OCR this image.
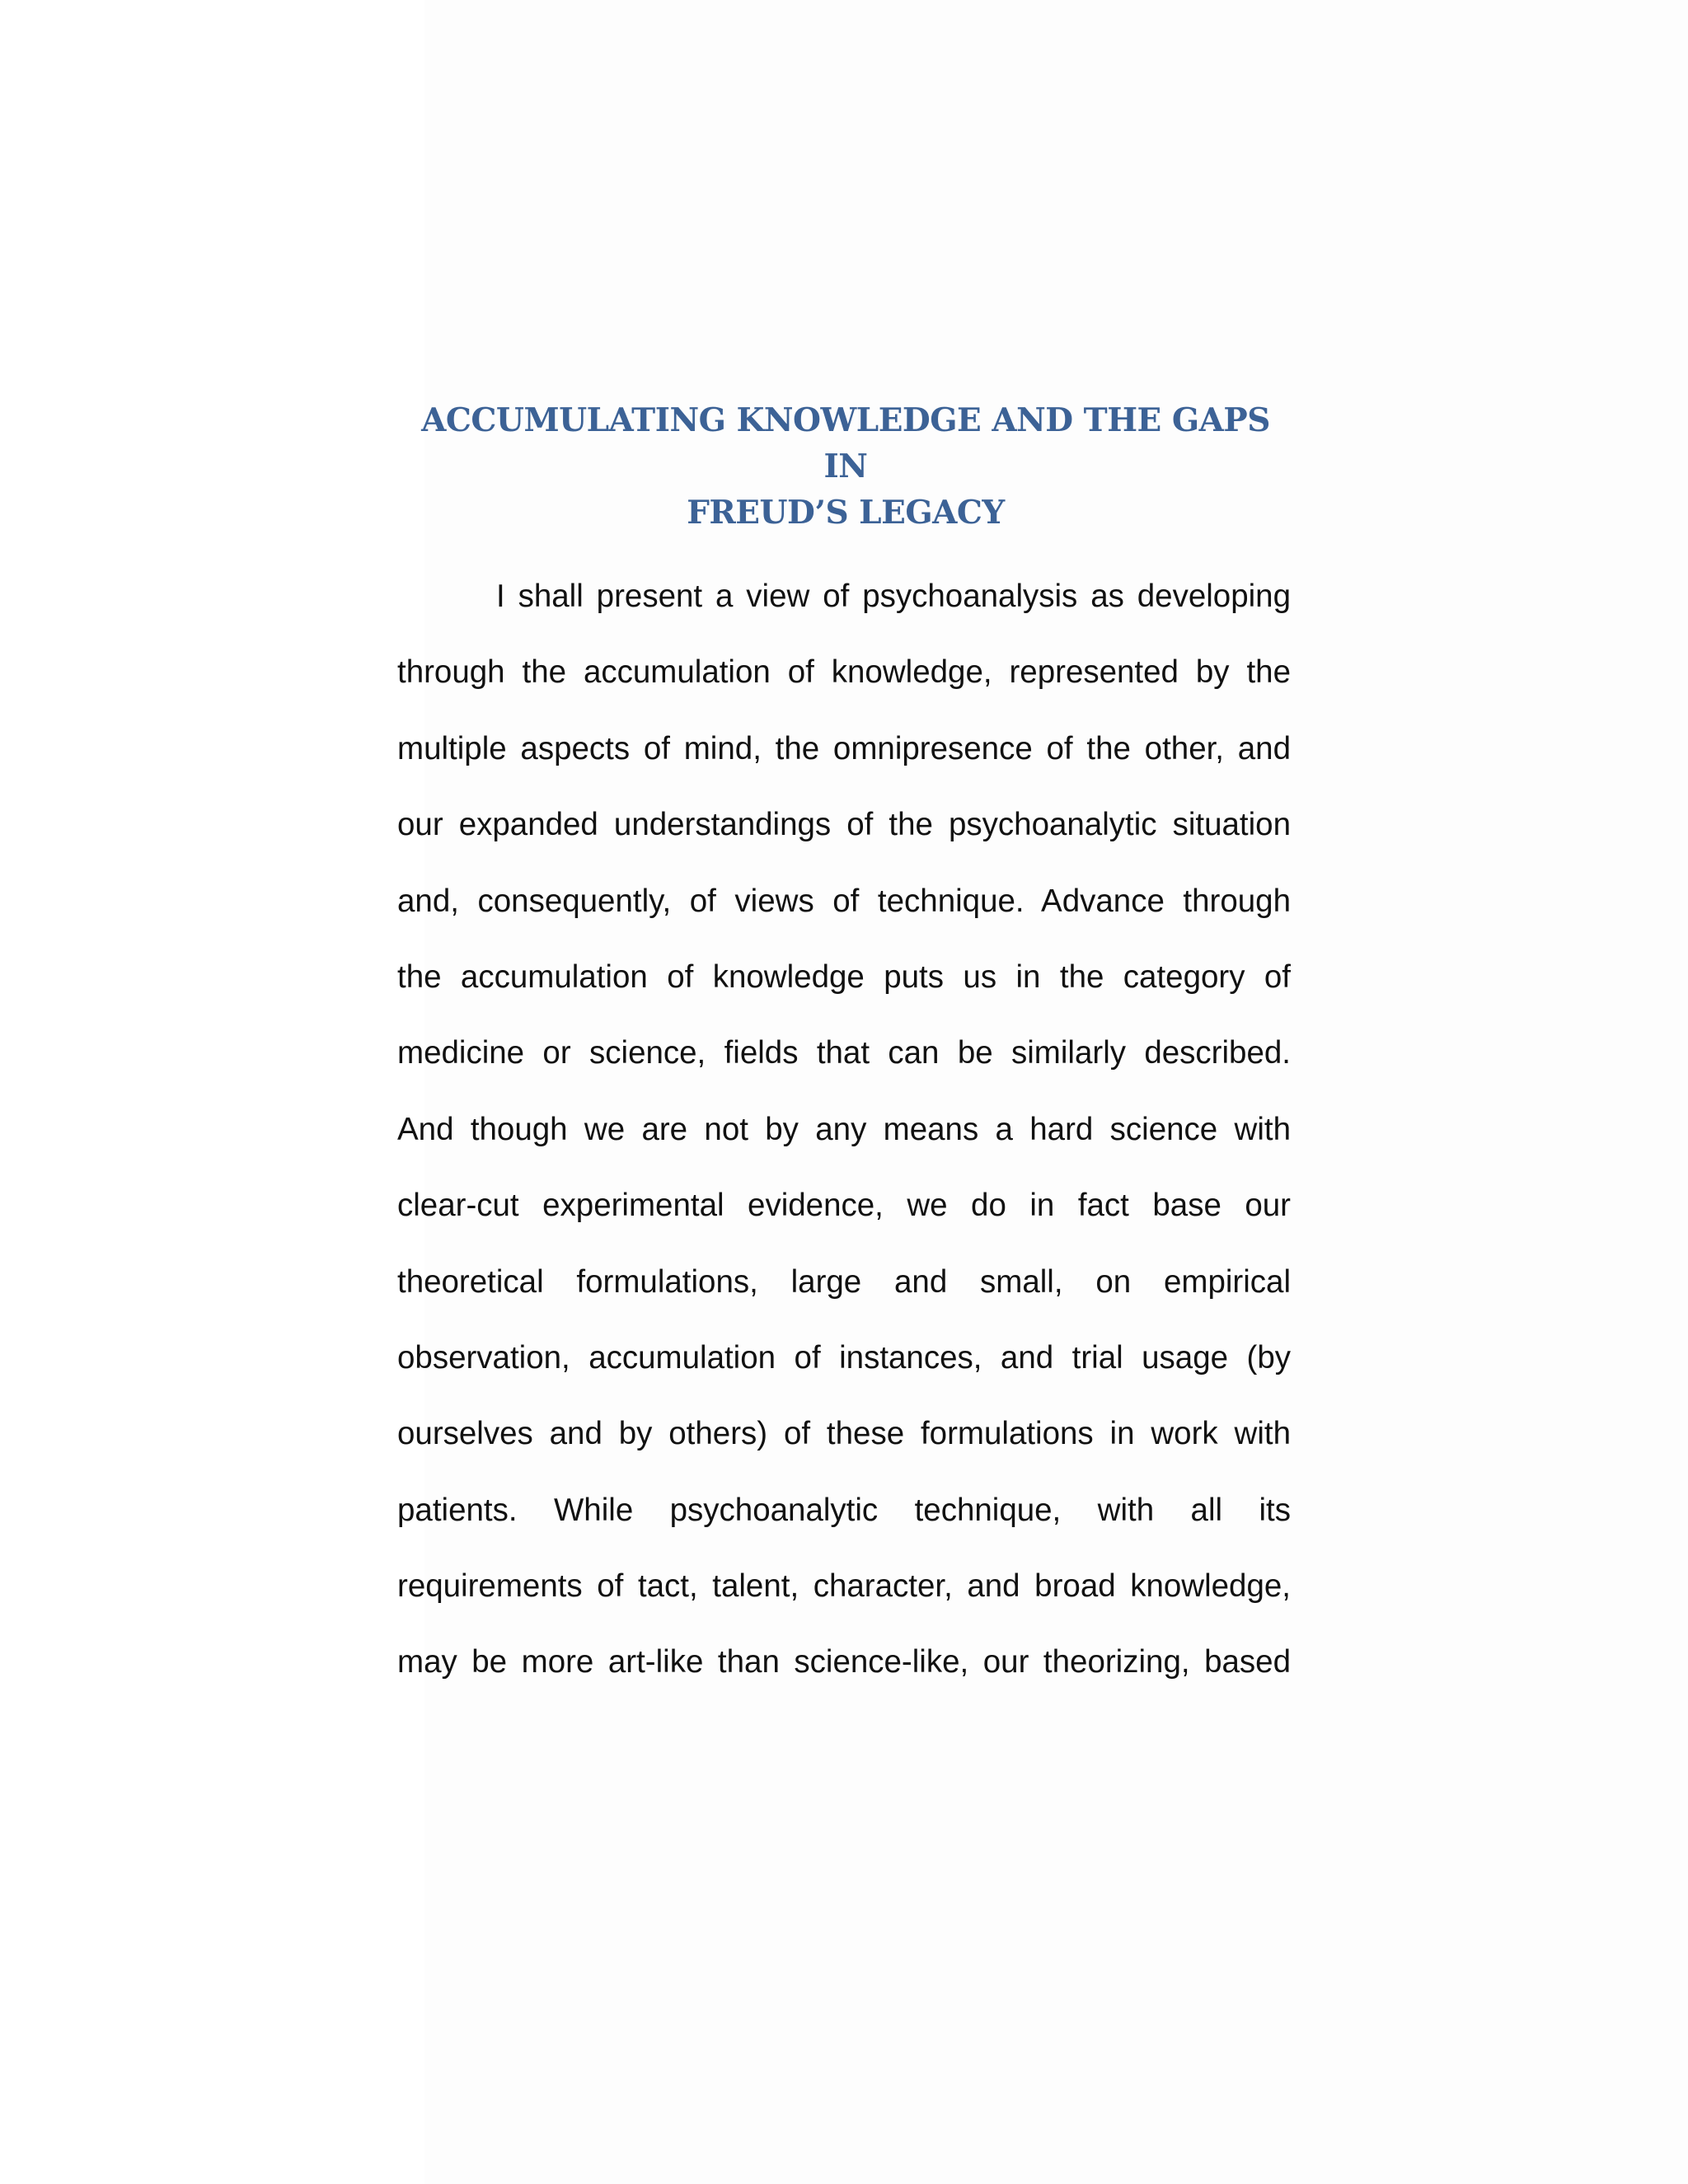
ACCUMULATING KNOWLEDGE AND THE GAPS IN
FREUD’S LEGACY
I shall present a view of psychoanalysis as developing
through the accumulation of knowledge, represented by the
multiple aspects of mind, the omnipresence of the other, and
our expanded understandings of the psychoanalytic situation
and, consequently, of views of technique. Advance through
the accumulation of knowledge puts us in the category of
medicine or science, fields that can be similarly described.
And though we are not by any means a hard science with
clear-cut experimental evidence, we do in fact base our
theoretical formulations, large and small, on empirical
observation, accumulation of instances, and trial usage (by
ourselves and by others) of these formulations in work with
patients. While psychoanalytic technique, with all its
requirements of tact, talent, character, and broad knowledge,
may be more art-like than science-like, our theorizing, based
